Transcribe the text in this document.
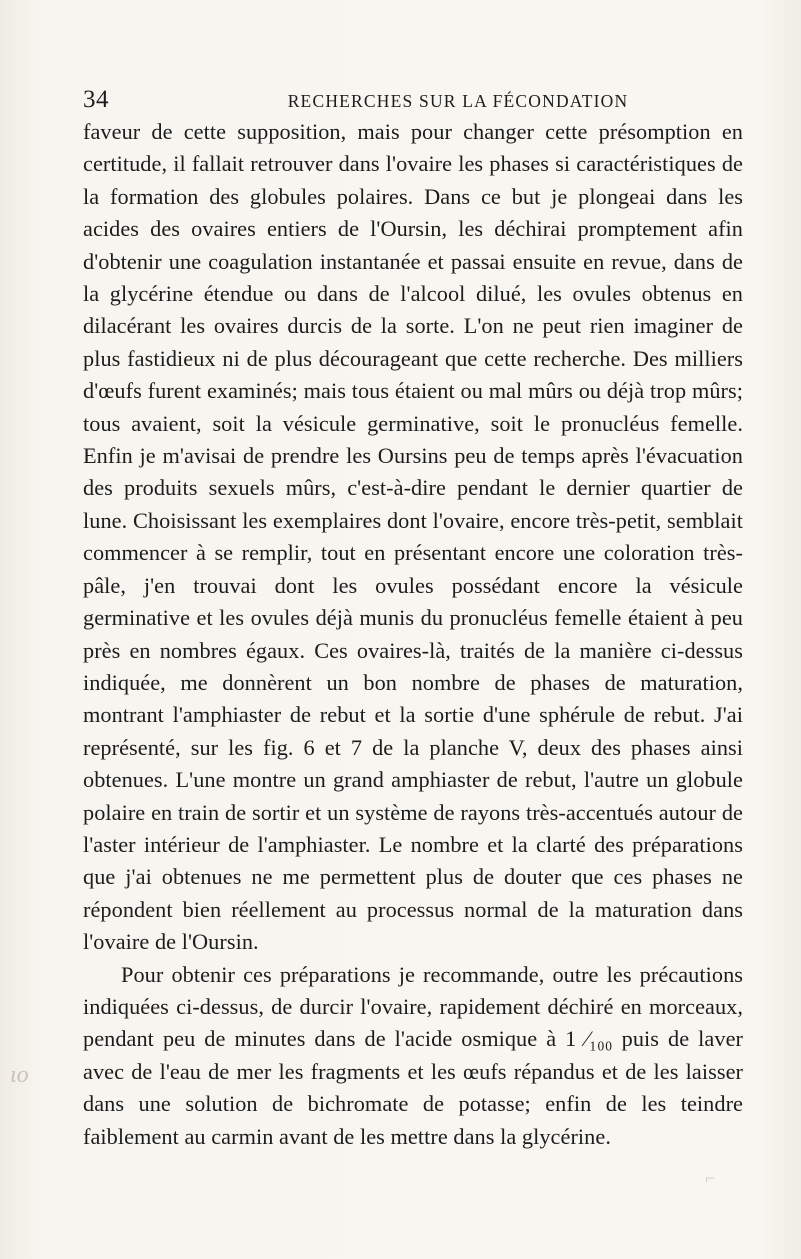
34	RECHERCHES SUR LA FÉCONDATION

faveur de cette supposition, mais pour changer cette présomption en certitude, il fallait retrouver dans l'ovaire les phases si caractéristiques de la formation des globules polaires. Dans ce but je plongeai dans les acides des ovaires entiers de l'Oursin, les déchirai promptement afin d'obtenir une coagulation instantanée et passai ensuite en revue, dans de la glycérine étendue ou dans de l'alcool dilué, les ovules obtenus en dilacérant les ovaires durcis de la sorte. L'on ne peut rien imaginer de plus fastidieux ni de plus décourageant que cette recherche. Des milliers d'œufs furent examinés; mais tous étaient ou mal mûrs ou déjà trop mûrs; tous avaient, soit la vésicule germinative, soit le pronucléus femelle. Enfin je m'avisai de prendre les Oursins peu de temps après l'évacuation des produits sexuels mûrs, c'est-à-dire pendant le dernier quartier de lune. Choisissant les exemplaires dont l'ovaire, encore très-petit, semblait commencer à se remplir, tout en présentant encore une coloration très-pâle, j'en trouvai dont les ovules possédant encore la vésicule germinative et les ovules déjà munis du pronucléus femelle étaient à peu près en nombres égaux. Ces ovaires-là, traités de la manière ci-dessus indiquée, me donnèrent un bon nombre de phases de maturation, montrant l'amphiaster de rebut et la sortie d'une sphérule de rebut. J'ai représenté, sur les fig. 6 et 7 de la planche V, deux des phases ainsi obtenues. L'une montre un grand amphiaster de rebut, l'autre un globule polaire en train de sortir et un système de rayons très-accentués autour de l'aster intérieur de l'amphiaster. Le nombre et la clarté des préparations que j'ai obtenues ne me permettent plus de douter que ces phases ne répondent bien réellement au processus normal de la maturation dans l'ovaire de l'Oursin.

Pour obtenir ces préparations je recommande, outre les précautions indiquées ci-dessus, de durcir l'ovaire, rapidement déchiré en morceaux, pendant peu de minutes dans de l'acide osmique à 1 ⁄₁₀₀ puis de laver avec de l'eau de mer les fragments et les œufs répandus et de les laisser dans une solution de bichromate de potasse; enfin de les teindre faiblement au carmin avant de les mettre dans la glycérine.

ιo
⌐
